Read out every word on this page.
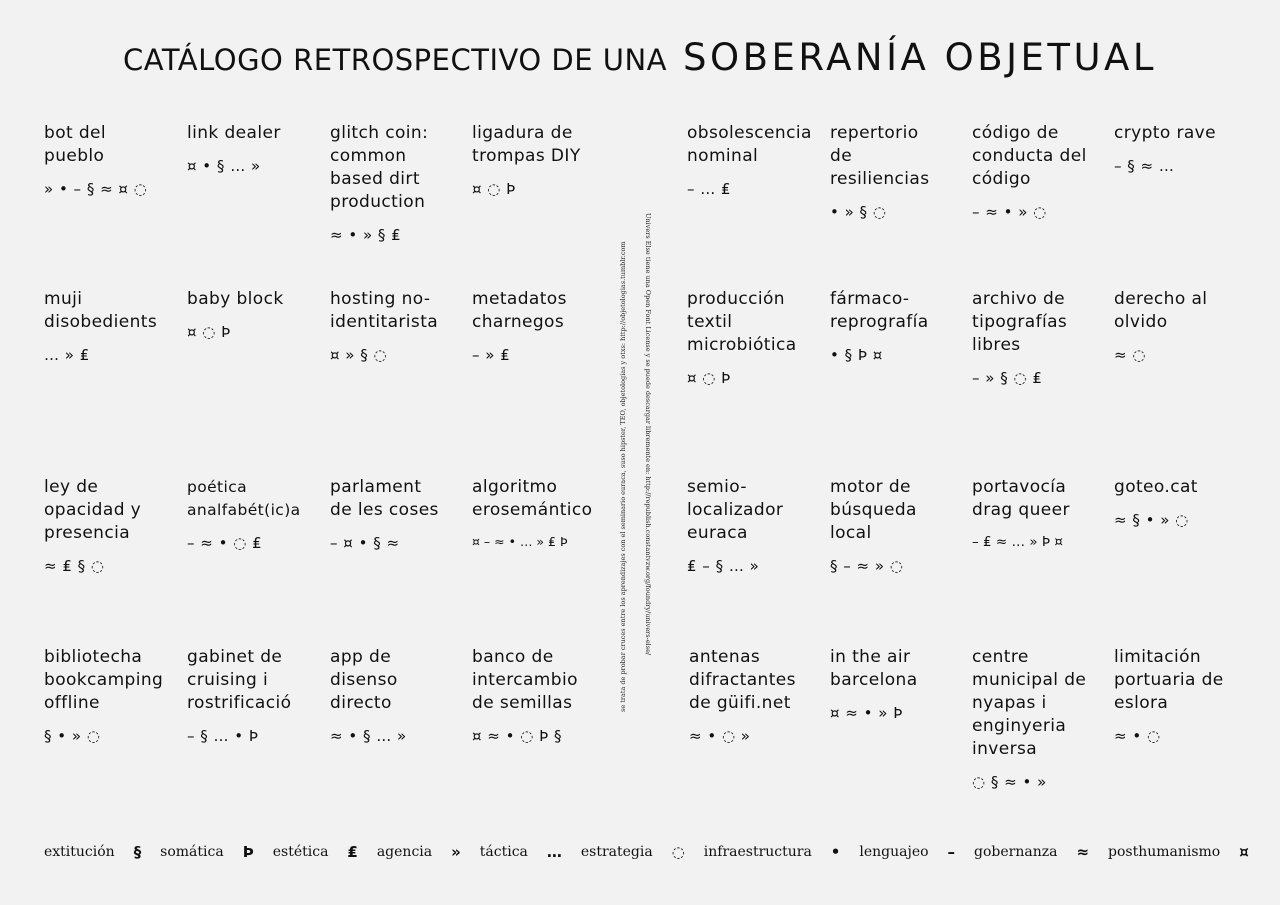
CATÁLOGO RETROSPECTIVO DE UNA SOBERANÍA OBJETUAL
bot del
pueblo
» • – § ≈ ¤ ◌
link dealer
¤ • § … »
glitch coin:
common
based dirt
production
≈ • » § ₤
ligadura de
trompas DIY
¤ ◌ Þ
obsolescencia
nominal
– … ₤
repertorio
de
resiliencias
• » § ◌
código de
conducta del
código
– ≈ • » ◌
crypto rave
– § ≈ …
muji
disobedients
… » ₤
baby block
¤ ◌ Þ
hosting no-
identitarista
¤ » § ◌
metadatos
charnegos
– » ₤
producción
textil
microbiótica
¤ ◌ Þ
fármaco-
reprografía
• § Þ ¤
archivo de
tipografías
libres
– » § ◌ ₤
derecho al
olvido
≈ ◌
ley de
opacidad y
presencia
≈ ₤ § ◌
poética
analfabét(ic)a
– ≈ • ◌ ₤
parlament
de les coses
– ¤ • § ≈
algoritmo
erosemántico
¤ – ≈ • … » ₤ Þ
semio-
localizador
euraca
₤ – § … »
motor de
búsqueda
local
§ – ≈ » ◌
portavocía
drag queer
– ₤ ≈ … » Þ ¤
goteo.cat
≈ § • » ◌
bibliotecha
bookcamping
offline
§ • » ◌
gabinet de
cruising i
rostrificació
– § … • Þ
app de
disenso
directo
≈ • § … »
banco de
intercambio
de semillas
¤ ≈ • ◌ Þ §
antenas
difractantes
de güifi.net
≈ • ◌ »
in the air
barcelona
¤ ≈ • » Þ
centre
municipal de
nyapas i
enginyeria
inversa
◌ § ≈ • »
limitación
portuaria de
eslora
≈ • ◌
se trata de probar cruces entre los aprendizajes con el seminario euraca, suso hipster, TEO, objetologías y otxs: http://objetologias.tumblr.com	Univers Else tiene una Open Font License y se puede descargar libremente en: http://republish.constantvzw.org/foundry/univers-else/
extitución § somática Þ estética ₤ agencia » táctica … estrategia ◌ infraestructura • lenguajeo – gobernanza ≈ posthumanismo ¤
